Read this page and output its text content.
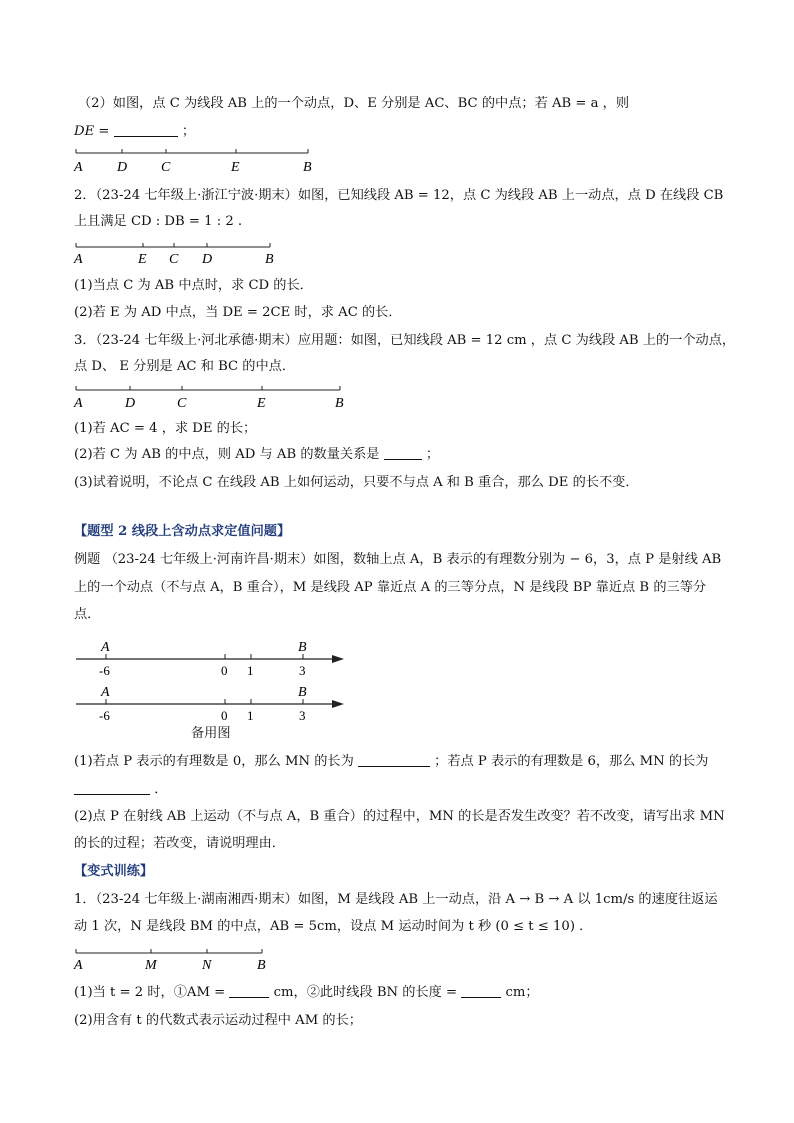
（2）如图，点 C 为线段 AB 上的一个动点，D、E 分别是 AC、BC 的中点；若 AB = a ，则
DE =	；
A D C	E	B
2．（23-24 七年级上·浙江宁波·期末）如图，已知线段 AB = 12，点 C 为线段 AB 上一动点，点 D 在线段 CB
上且满足 CD : DB = 1 : 2 .
A	E C D	B
(1)当点 C 为 AB 中点时，求 CD 的长．
(2)若 E 为 AD 中点，当 DE = 2CE 时，求 AC 的长．
3．（23-24 七年级上·河北承德·期末）应用题：如图，已知线段 AB = 12 cm ，点 C 为线段 AB 上的一个动点，
点 D、 E 分别是 AC 和 BC 的中点．
A	D	C	E	B
(1)若 AC = 4 ，求 DE 的长；
(2)若 C 为 AB 的中点，则 AD 与 AB 的数量关系是	；
(3)试着说明，不论点 C 在线段 AB 上如何运动，只要不与点 A 和 B 重合，那么 DE 的长不变．
【题型 2 线段上含动点求定值问题】
例题 （23-24 七年级上·河南许昌·期末）如图，数轴上点 A，B 表示的有理数分别为 − 6，3，点 P 是射线 AB
上的一个动点（不与点 A，B 重合），M 是线段 AP 靠近点 A 的三等分点，N 是线段 BP 靠近点 B 的三等分
点．
A	B
-6	0 1	3
A	B
-6	0 1	3
备用图
(1)若点 P 表示的有理数是 0，那么 MN 的长为	；若点 P 表示的有理数是 6，那么 MN 的长为
．
(2)点 P 在射线 AB 上运动（不与点 A，B 重合）的过程中，MN 的长是否发生改变？若不改变，请写出求 MN
的长的过程；若改变，请说明理由．
【变式训练】
1．（23-24 七年级上·湖南湘西·期末）如图，M 是线段 AB 上一动点，沿 A → B → A 以 1cm/s 的速度往返运
动 1 次，N 是线段 BM 的中点，AB = 5cm，设点 M 运动时间为 t 秒 (0 ≤ t ≤ 10) ．
A	M	N	B
(1)当 t = 2 时，①AM =	cm，②此时线段 BN 的长度 =	cm；
(2)用含有 t 的代数式表示运动过程中 AM 的长；
